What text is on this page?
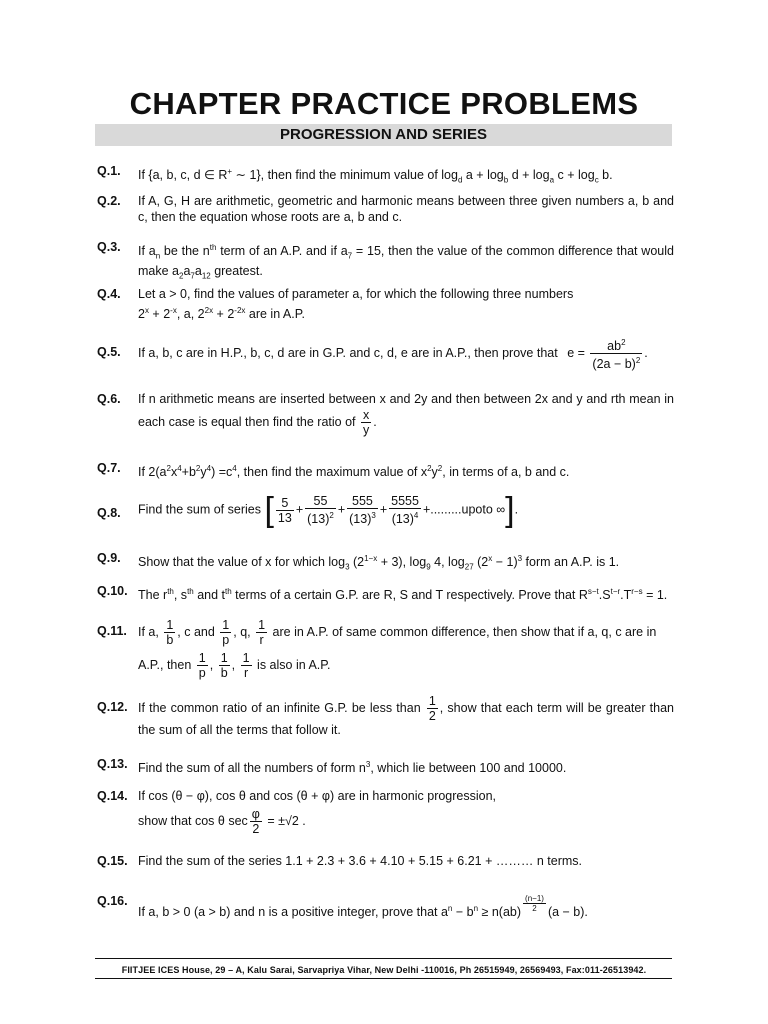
CHAPTER PRACTICE PROBLEMS
PROGRESSION AND SERIES
Q.1. If {a, b, c, d ∈ R+ ∼ 1}, then find the minimum value of $\log_d a + \log_b d + \log_a c + \log_c b$.
Q.2. If A, G, H are arithmetic, geometric and harmonic means between three given numbers a, b and c, then the equation whose roots are a, b and c.
Q.3. If $a_n$ be the $n^{th}$ term of an A.P. and if $a_7 = 15$, then the value of the common difference that would make $a_2a_7a_{12}$ greatest.
Q.4. Let a > 0, find the values of parameter a, for which the following three numbers
$2^x + 2^{-x}$, a, $2^{2x} + 2^{-2x}$ are in A.P.
Q.5. If a, b, c are in H.P., b, c, d are in G.P. and c, d, e are in A.P., then prove that $e = \frac{ab^2}{(2a - b)^2}$ .
Q.6. If n arithmetic means are inserted between x and 2y and then between 2x and y and rth mean in each case is equal then find the ratio of $\frac{x}{y}$ .
Q.7. If $2(a^2x^4+b^2y^4) =c^4$, then find the maximum value of $x^2y^2$, in terms of a, b and c.
Q.8. Find the sum of series [ $\frac{5}{13} + \frac{55}{(13)^2} + \frac{555}{(13)^3} + \frac{5555}{(13)^4}$ +.........upoto ∞].
Q.9. Show that the value of x for which $\log_3 (2^{1-x} + 3)$, $\log_9 4$, $\log_{27} (2^x - 1)^3$ form an A.P. is 1.
Q.10. The $r^{th}$, $s^{th}$ and $t^{th}$ terms of a certain G.P. are R, S and T respectively. Prove that $R^{s-t}.S^{t-r}.T^{r-s} = 1$.
Q.11. If a, $\frac{1}{b}$ , c and $\frac{1}{p}$ , q, $\frac{1}{r}$ are in A.P. of same common difference, then show that if a, q, c are in
A.P., then $\frac{1}{p}$ , $\frac{1}{b}$ , $\frac{1}{r}$ is also in A.P.
Q.12. If the common ratio of an infinite G.P. be less than $\frac{1}{2}$ , show that each term will be greater than the sum of all the terms that follow it.
Q.13. Find the sum of all the numbers of form $n^3$, which lie between 100 and 10000.
Q.14. If cos (θ − φ), cos θ and cos (θ + φ) are in harmonic progression,
show that cos θ $\sec \frac{\varphi}{2} = \pm√2$ .
Q.15. Find the sum of the series 1.1 + 2.3 + 3.6 + 4.10 + 5.15 + 6.21 + ……… n terms.
Q.16.
If a, b > 0 (a > b) and n is a positive integer, prove that $a^n - b^n \ge n(ab) \frac{(n-1)}{2} (a - b)$.
FIITJEE ICES House, 29 – A, Kalu Sarai, Sarvapriya Vihar, New Delhi -110016, Ph 26515949, 26569493, Fax:011-26513942.
